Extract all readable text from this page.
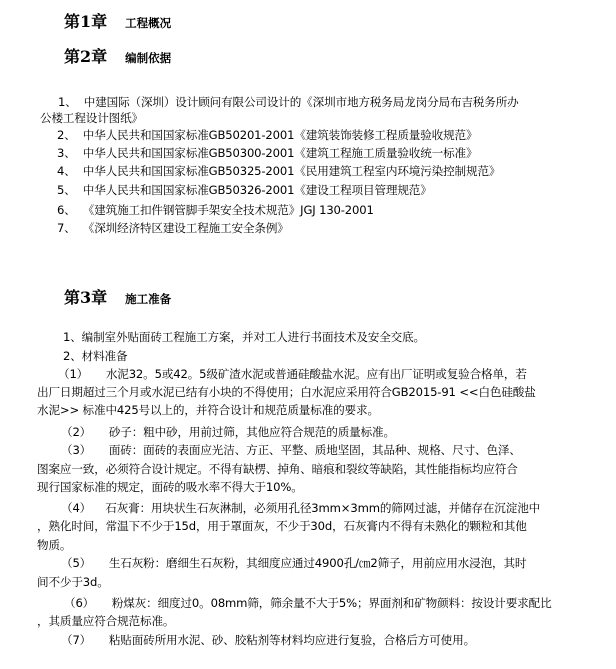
第1章 工程概况
第2章 编制依据
1、 中建国际（深圳）设计顾问有限公司设计的《深圳市地方税务局龙岗分局布吉税务所办
公楼工程设计图纸》
2、 中华人民共和国国家标准GB50201-2001《建筑装饰装修工程质量验收规范》
3、 中华人民共和国国家标准GB50300-2001《建筑工程施工质量验收统一标准》
4、 中华人民共和国国家标准GB50325-2001《民用建筑工程室内环境污染控制规范》
5、 中华人民共和国国家标准GB50326-2001《建设工程项目管理规范》
6、 《建筑施工扣件钢管脚手架安全技术规范》JGJ 130-2001
7、 《深圳经济特区建设工程施工安全条例》
第3章 施工准备
1、编制室外贴面砖工程施工方案，并对工人进行书面技术及安全交底。
2、材料准备
（1） 水泥32。5或42。5级矿渣水泥或普通硅酸盐水泥。应有出厂证明或复验合格单，若
出厂日期超过三个月或水泥已结有小块的不得使用；白水泥应采用符合GB2015-91 <<白色硅酸盐
水泥>> 标准中425号以上的，并符合设计和规范质量标准的要求。
（2） 砂子：粗中砂，用前过筛，其他应符合规范的质量标准。
（3） 面砖：面砖的表面应光洁、方正、平整、质地坚固，其品种、规格、尺寸、色泽、
图案应一致，必须符合设计规定。不得有缺楞、掉角、暗痕和裂纹等缺陷，其性能指标均应符合
现行国家标准的规定，面砖的吸水率不得大于10%。
（4） 石灰膏：用块状生石灰淋制，必须用孔径3mm×3mm的筛网过滤，并储存在沉淀池中
，熟化时间，常温下不少于15d，用于罩面灰，不少于30d，石灰膏内不得有未熟化的颗粒和其他
物质。
（5） 生石灰粉：磨细生石灰粉，其细度应通过4900孔/㎝2筛子，用前应用水浸泡，其时
间不少于3d。
（6） 粉煤灰：细度过0。08mm筛，筛余量不大于5%；界面剂和矿物颜料：按设计要求配比
，其质量应符合规范标准。
（7） 粘贴面砖所用水泥、砂、胶粘剂等材料均应进行复验，合格后方可使用。
